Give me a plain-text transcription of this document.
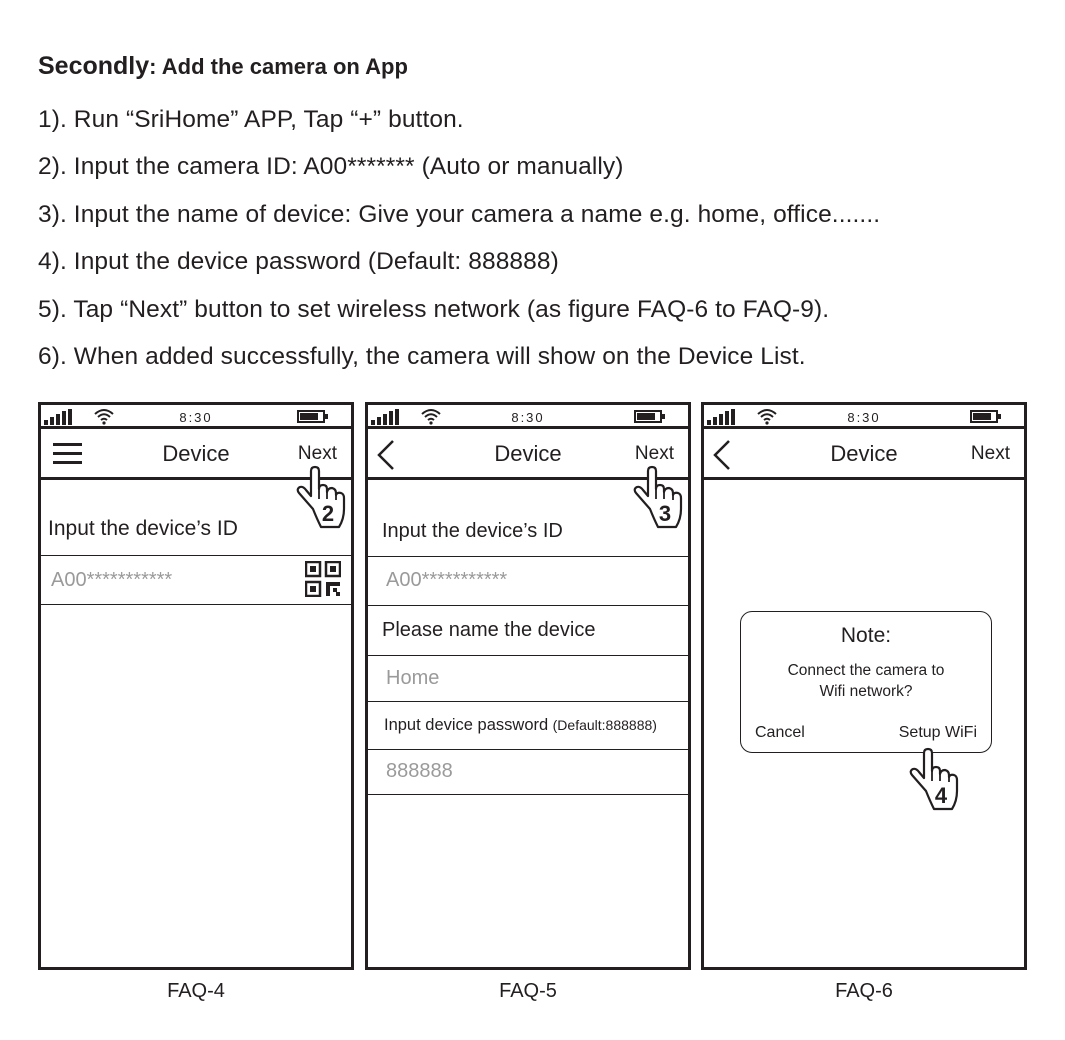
Secondly: Add the camera on App
1). Run “SriHome” APP, Tap “+” button.
2). Input the camera ID: A00******* (Auto or manually)
3). Input the name of device: Give your camera a name e.g. home, office.......
4). Input the device password (Default: 888888)
5). Tap “Next” button to set wireless network (as figure FAQ-6 to FAQ-9).
6). When added successfully, the camera will show on the Device List.
8:30
Device	Next
2
Input the device’s ID
A00***********
8:30
Device	Next
3
Input the device’s ID
A00***********
Please name the device
Home
Input device password (Default:888888)
888888
8:30
Device	Next
Note:
Connect the camera to
Wifi network?
Cancel	Setup WiFi
4
FAQ-4	FAQ-5	FAQ-6
